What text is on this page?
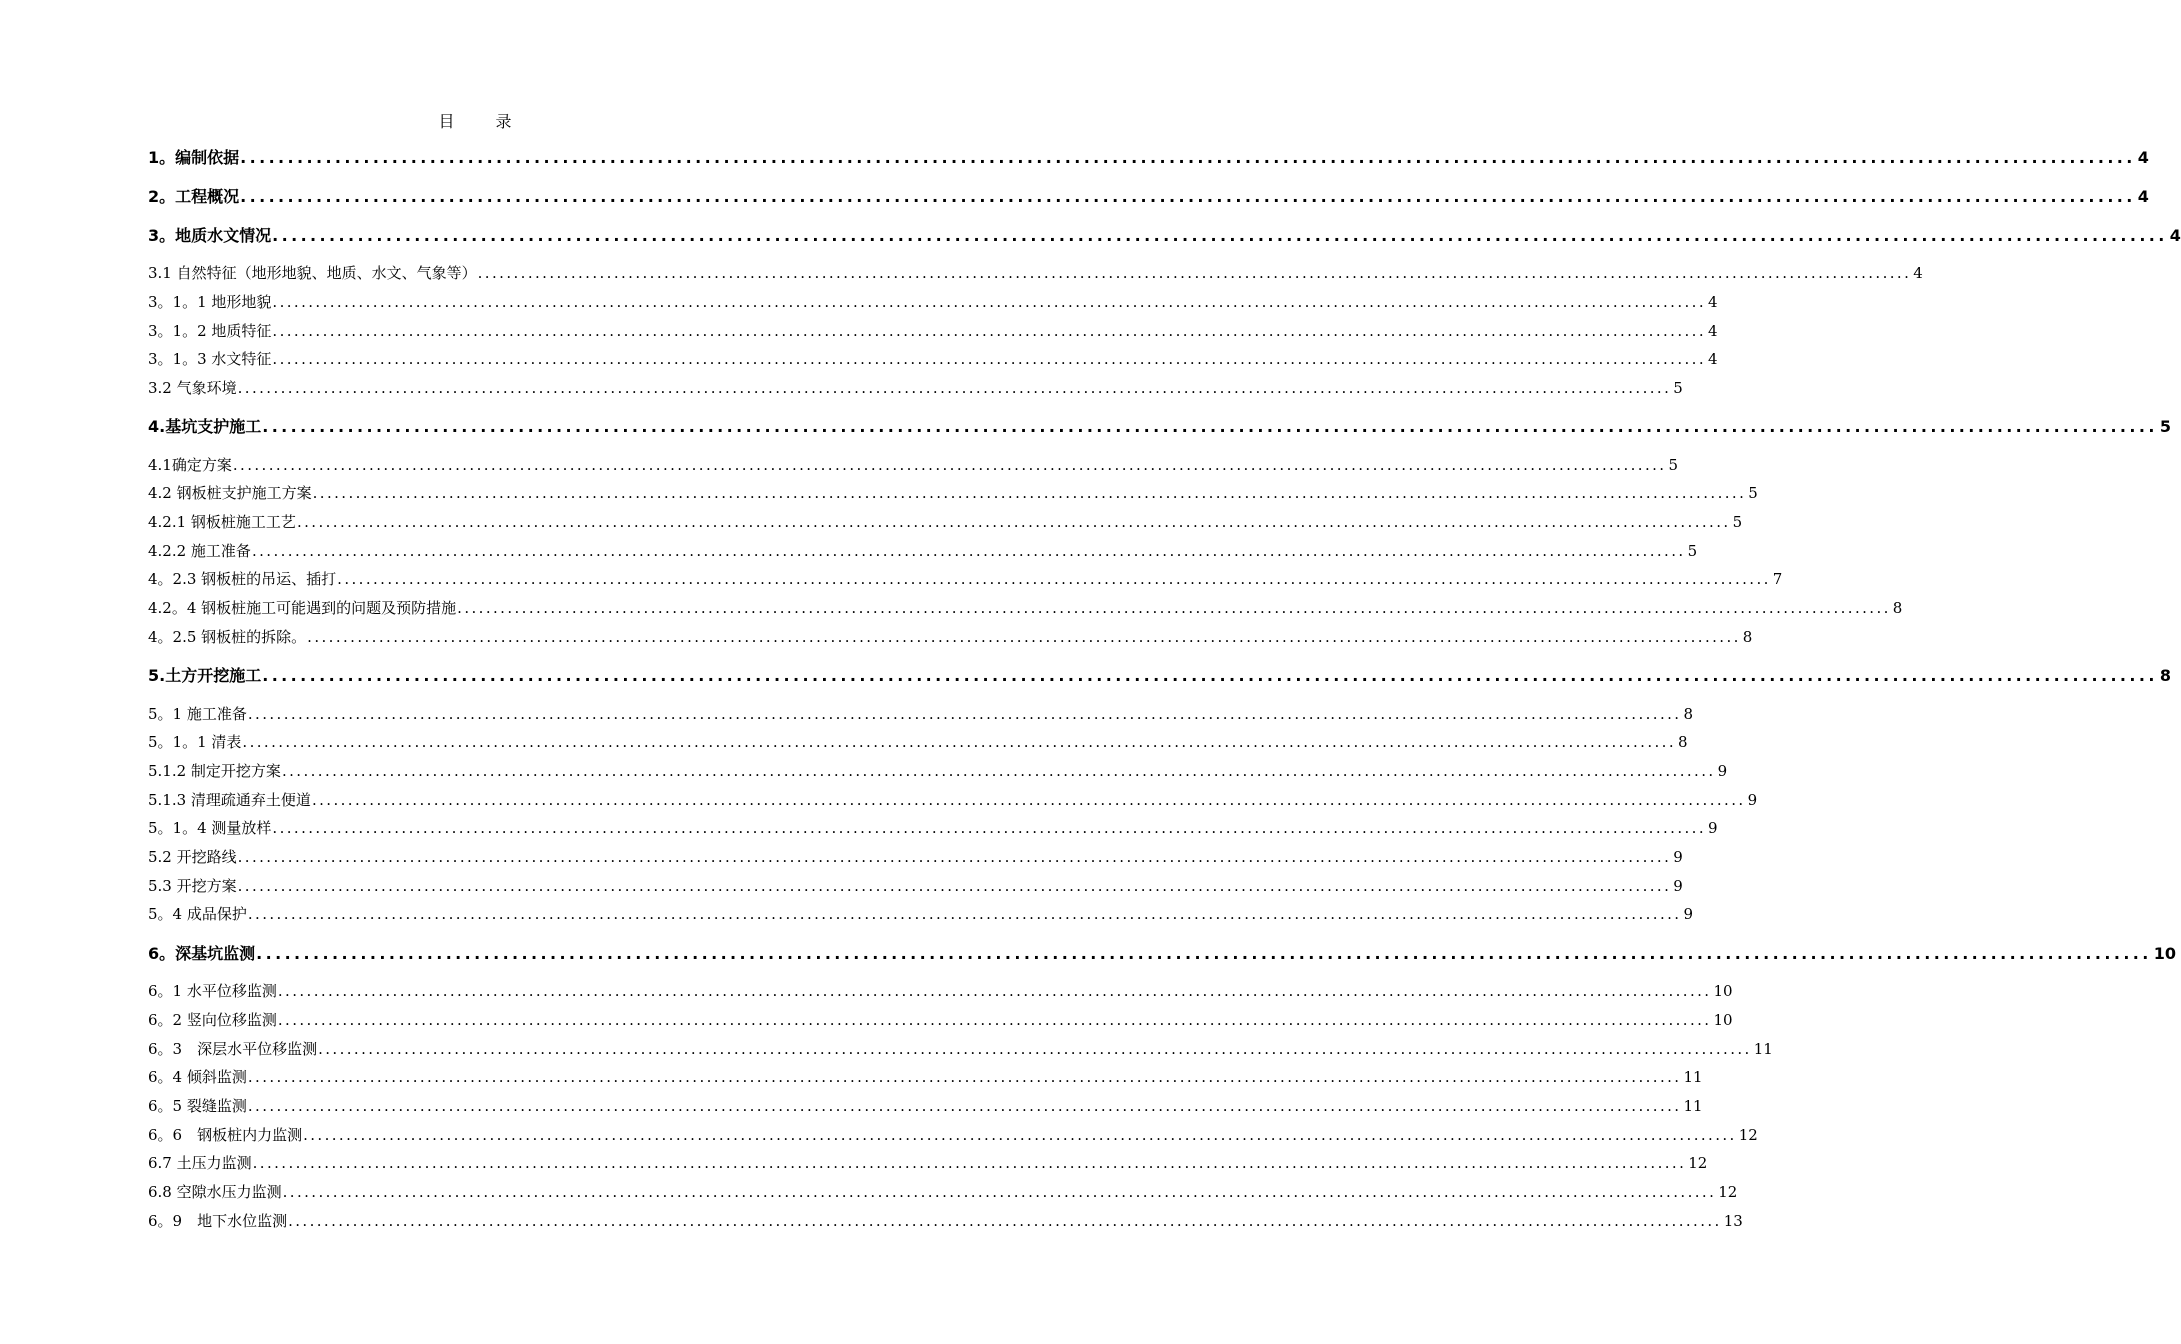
目 录
1。编制依据 ........................................................................................................................................................................................................ 4
2。工程概况 ........................................................................................................................................................................................................ 4
3。地质水文情况 ........................................................................................................................................................................................................ 4
3.1 自然特征（地形地貌、地质、水文、气象等） ........................................................................................................................................................................................................ 4
3。1。1 地形地貌 ........................................................................................................................................................................................................ 4
3。1。2 地质特征 ........................................................................................................................................................................................................ 4
3。1。3 水文特征 ........................................................................................................................................................................................................ 4
3.2 气象环境 ........................................................................................................................................................................................................ 5
4.基坑支护施工 ........................................................................................................................................................................................................ 5
4.1确定方案 ........................................................................................................................................................................................................ 5
4.2 钢板桩支护施工方案 ........................................................................................................................................................................................................ 5
4.2.1 钢板桩施工工艺 ........................................................................................................................................................................................................ 5
4.2.2 施工准备 ........................................................................................................................................................................................................ 5
4。2.3 钢板桩的吊运、插打 ........................................................................................................................................................................................................ 7
4.2。4 钢板桩施工可能遇到的问题及预防措施 ........................................................................................................................................................................................................ 8
4。2.5 钢板桩的拆除。 ........................................................................................................................................................................................................ 8
5.土方开挖施工 ........................................................................................................................................................................................................ 8
5。1 施工准备 ........................................................................................................................................................................................................ 8
5。1。1 清表 ........................................................................................................................................................................................................ 8
5.1.2 制定开挖方案 ........................................................................................................................................................................................................ 9
5.1.3 清理疏通弃土便道 ........................................................................................................................................................................................................ 9
5。1。4 测量放样 ........................................................................................................................................................................................................ 9
5.2 开挖路线 ........................................................................................................................................................................................................ 9
5.3 开挖方案 ........................................................................................................................................................................................................ 9
5。4 成品保护 ........................................................................................................................................................................................................ 9
6。深基坑监测 ........................................................................................................................................................................................................ 10
6。1 水平位移监测 ........................................................................................................................................................................................................ 10
6。2 竖向位移监测 ........................................................................................................................................................................................................ 10
6。3　深层水平位移监测 ........................................................................................................................................................................................................ 11
6。4 倾斜监测 ........................................................................................................................................................................................................ 11
6。5 裂缝监测 ........................................................................................................................................................................................................ 11
6。6　钢板桩内力监测 ........................................................................................................................................................................................................ 12
6.7 土压力监测 ........................................................................................................................................................................................................ 12
6.8 空隙水压力监测 ........................................................................................................................................................................................................ 12
6。9　地下水位监测 ........................................................................................................................................................................................................ 13
